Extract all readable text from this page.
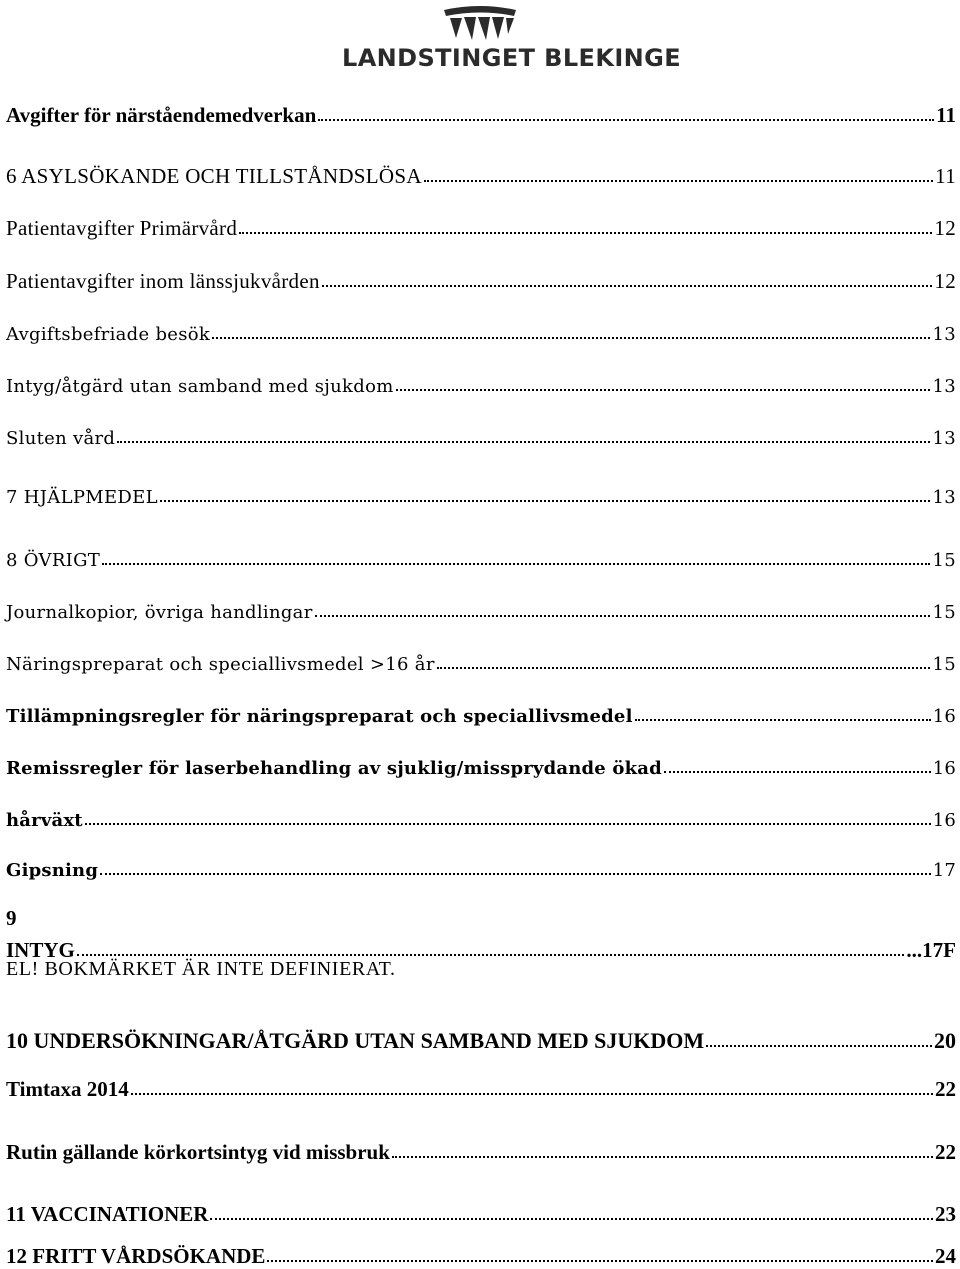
LANDSTINGET BLEKINGE
Avgifter för närståendemedverkan	11
6 ASYLSÖKANDE OCH TILLSTÅNDSLÖSA	11
Patientavgifter Primärvård	12
Patientavgifter inom länssjukvården	12
Avgiftsbefriade besök	13
Intyg/åtgärd utan samband med sjukdom	13
Sluten vård	13
7 HJÄLPMEDEL	13
8 ÖVRIGT	15
Journalkopior, övriga handlingar	15
Näringspreparat och speciallivsmedel >16 år	15
Tillämpningsregler för näringspreparat och speciallivsmedel	16
Remissregler för laserbehandling av sjuklig/missprydande ökad	16
hårväxt	16
Gipsning	17
INTYG	...17F
10 UNDERSÖKNINGAR/ÅTGÄRD UTAN SAMBAND MED SJUKDOM	20
Timtaxa 2014	22
Rutin gällande körkortsintyg vid missbruk	22
11 VACCINATIONER	23
12 FRITT VÅRDSÖKANDE	24
9
EL! BOKMÄRKET ÄR INTE DEFINIERAT.
